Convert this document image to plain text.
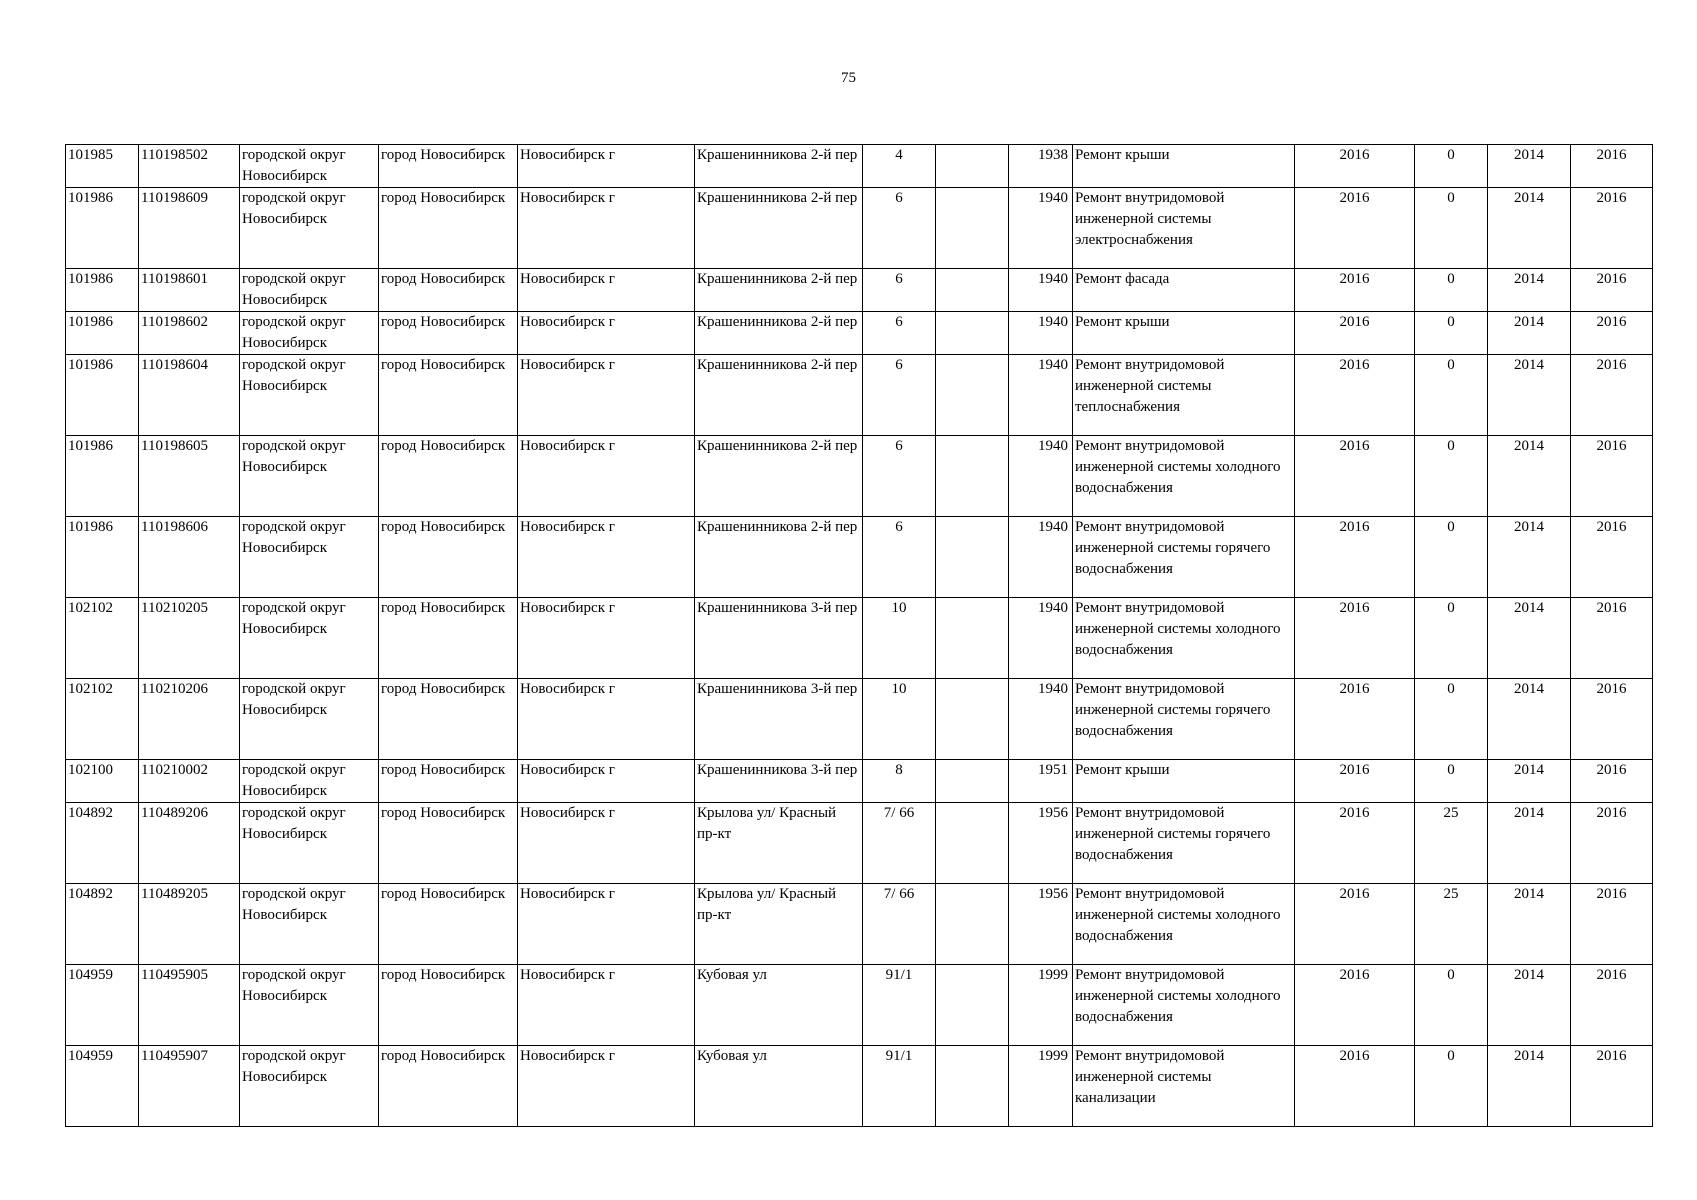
75
101985	110198502	городской округ Новосибирск	город Новосибирск	Новосибирск г	Крашенинникова 2-й пер	4		1938	Ремонт крыши	2016	0	2014	2016
101986	110198609	городской округ Новосибирск	город Новосибирск	Новосибирск г	Крашенинникова 2-й пер	6		1940	Ремонт внутридомовой инженерной системы электроснабжения	2016	0	2014	2016
101986	110198601	городской округ Новосибирск	город Новосибирск	Новосибирск г	Крашенинникова 2-й пер	6		1940	Ремонт фасада	2016	0	2014	2016
101986	110198602	городской округ Новосибирск	город Новосибирск	Новосибирск г	Крашенинникова 2-й пер	6		1940	Ремонт крыши	2016	0	2014	2016
101986	110198604	городской округ Новосибирск	город Новосибирск	Новосибирск г	Крашенинникова 2-й пер	6		1940	Ремонт внутридомовой инженерной системы теплоснабжения	2016	0	2014	2016
101986	110198605	городской округ Новосибирск	город Новосибирск	Новосибирск г	Крашенинникова 2-й пер	6		1940	Ремонт внутридомовой инженерной системы холодного водоснабжения	2016	0	2014	2016
101986	110198606	городской округ Новосибирск	город Новосибирск	Новосибирск г	Крашенинникова 2-й пер	6		1940	Ремонт внутридомовой инженерной системы горячего водоснабжения	2016	0	2014	2016
102102	110210205	городской округ Новосибирск	город Новосибирск	Новосибирск г	Крашенинникова 3-й пер	10		1940	Ремонт внутридомовой инженерной системы холодного водоснабжения	2016	0	2014	2016
102102	110210206	городской округ Новосибирск	город Новосибирск	Новосибирск г	Крашенинникова 3-й пер	10		1940	Ремонт внутридомовой инженерной системы горячего водоснабжения	2016	0	2014	2016
102100	110210002	городской округ Новосибирск	город Новосибирск	Новосибирск г	Крашенинникова 3-й пер	8		1951	Ремонт крыши	2016	0	2014	2016
104892	110489206	городской округ Новосибирск	город Новосибирск	Новосибирск г	Крылова ул/ Красный пр-кт	7/ 66		1956	Ремонт внутридомовой инженерной системы горячего водоснабжения	2016	25	2014	2016
104892	110489205	городской округ Новосибирск	город Новосибирск	Новосибирск г	Крылова ул/ Красный пр-кт	7/ 66		1956	Ремонт внутридомовой инженерной системы холодного водоснабжения	2016	25	2014	2016
104959	110495905	городской округ Новосибирск	город Новосибирск	Новосибирск г	Кубовая ул	91/1		1999	Ремонт внутридомовой инженерной системы холодного водоснабжения	2016	0	2014	2016
104959	110495907	городской округ Новосибирск	город Новосибирск	Новосибирск г	Кубовая ул	91/1		1999	Ремонт внутридомовой инженерной системы канализации	2016	0	2014	2016
